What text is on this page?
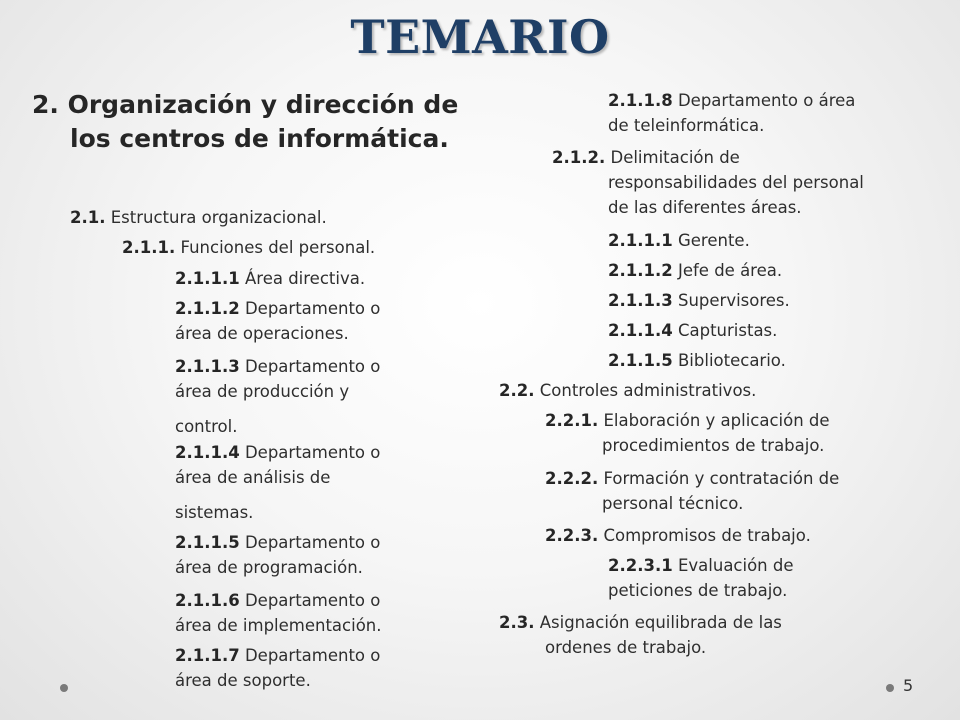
TEMARIO
2. Organización y dirección de los centros de informática.
2.1. Estructura organizacional.
2.1.1. Funciones del personal.
2.1.1.1 Área directiva.
2.1.1.2 Departamento o
área de operaciones.
2.1.1.3 Departamento o
área de producción y
control.
2.1.1.4 Departamento o
área de análisis de
sistemas.
2.1.1.5 Departamento o
área de programación.
2.1.1.6 Departamento o
área de implementación.
2.1.1.7 Departamento o
área de soporte.
2.1.1.8 Departamento o área
de teleinformática.
2.1.2. Delimitación de
responsabilidades del personal
de las diferentes áreas.
2.1.1.1 Gerente.
2.1.1.2 Jefe de área.
2.1.1.3 Supervisores.
2.1.1.4 Capturistas.
2.1.1.5 Bibliotecario.
2.2. Controles administrativos.
2.2.1. Elaboración y aplicación de
procedimientos de trabajo.
2.2.2. Formación y contratación de
personal técnico.
2.2.3. Compromisos de trabajo.
2.2.3.1 Evaluación de
peticiones de trabajo.
2.3. Asignación equilibrada de las
ordenes de trabajo.
5
